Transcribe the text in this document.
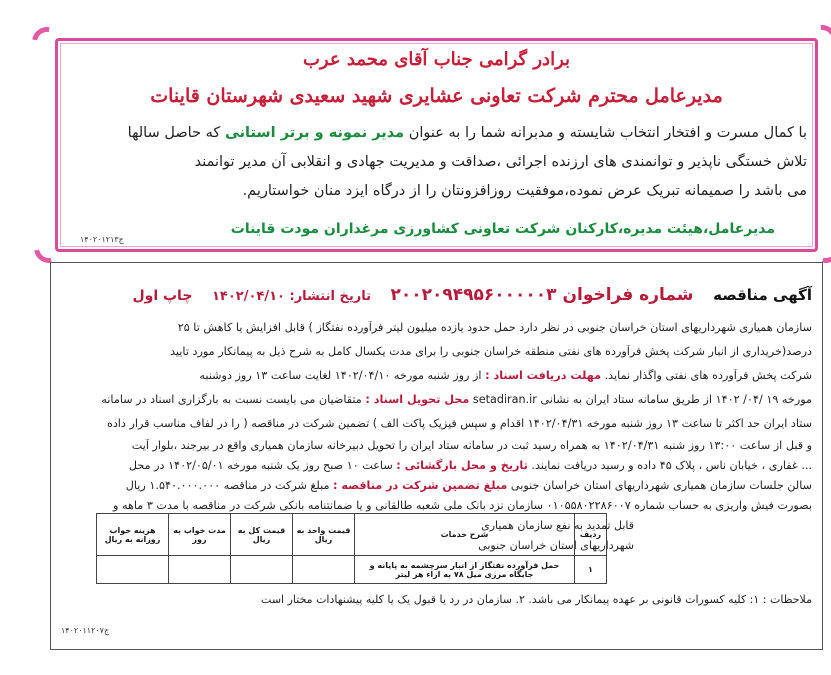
برادر گرامی جناب آقای محمد عرب
مدیرعامل محترم شرکت تعاونی عشایری شهید سعیدی شهرستان قاینات
با کمال مسرت و افتخار انتخاب شایسته و مدبرانه شما را به عنوان مدیر نمونه و برتر استانی که حاصل سالها
تلاش خستگی ناپذیر و توانمندی های ارزنده اجرائی ،صداقت و مدیریت جهادی و انقلابی آن مدیر توانمند
می باشد را صمیمانه تبریک عرض نموده،موفقیت روزافزونتان را از درگاه ایزد منان خواستاریم.
مدیرعامل،هیئت مدیره،کارکنان شرکت تعاونی کشاورزی مرغداران مودت قاینات
ج۱۴۰۲۰۱۲۱۳
آگهی مناقصه شماره فراخوان ۲۰۰۲۰۹۴۹۵۶۰۰۰۰۰۳ تاریخ انتشار: ۱۴۰۲/۰۴/۱۰ چاپ اول
سازمان همیاری شهرداریهای استان خراسان جنوبی در نظر دارد حمل حدود یازده میلیون لیتر فرآورده نفتگاز ) قابل افزایش یا کاهش تا ۲۵
درصد(خریداری از انبار شرکت پخش فرآورده های نفتی منطقه خراسان جنوبی را برای مدت یکسال کامل به شرح ذیل به پیمانکار مورد تایید
شرکت پخش فرآورده های نفتی واگذار نماید. مهلت دریافت اسناد : از روز شنبه مورخه ۱۴۰۲/۰۴/۱۰ لغایت ساعت ۱۳ روز دوشنبه
مورخه ۱۹ /۰۴/ ۱۴۰۲ از طریق سامانه ستاد ایران به نشانی setadiran.ir محل تحویل اسناد : متقاضیان می بایست نسبت به بارگزاری اسناد در سامانه
ستاد ایران حد اکثر تا ساعت ۱۳ روز شنبه مورخه ۱۴۰۲/۰۴/۳۱ اقدام و سپس فیزیک پاکت الف ) تضمین شرکت در مناقصه ( را در لفاف مناسب قرار داده
و قبل از ساعت ۱۳:۰۰ روز شنبه ۱۴۰۲/۰۴/۳۱ به همراه رسید ثبت در سامانه ستاد ایران را تحویل دبیرخانه سازمان همیاری واقع در بیرجند ،بلوار آیت
... غفاری ، خیابان ناس ، پلاک ۴۵ داده و رسید دریافت نمایند. تاریخ و محل بازگشائی : ساعت ۱۰ صبح روز یک شنبه مورخه ۱۴۰۲/۰۵/۰۱ در محل
سالن جلسات سازمان همیاری شهرداریهای استان خراسان جنوبی مبلغ تضمین شرکت در مناقصه : مبلغ شرکت در مناقصه ۱.۵۴۰.۰۰۰.۰۰۰ ریال
بصورت فیش واریزی به حساب شماره ۰۱۰۵۵۸۰۲۲۸۶۰۰۷ سازمان نزد بانک ملی شعبه طالقانی و یا ضمانتنامه بانکی شرکت در مناقصه با مدت ۳ ماهه و
قابل تمدید به نفع سازمان همیاری
شهرداریهای استان خراسان جنوبی
ردیف	شرح خدمات	قیمت واحد به ریال	قیمت کل به ریال	مدت خواب به روز	هزینه خواب روزانه به ریال
۱	حمل فرآورده نفتگاز از انبار سرچشمه به پایانه و جایگاه مرزی میل ۷۸ به ازاء هر لیتر				
ملاحظات : ۱: کلیه کسورات قانونی بر عهده پیمانکار می باشد. ۲. سازمان در رد یا قبول یک یا کلیه پیشنهادات مختار است
ج۱۴۰۲۰۱۱۲۰۷
